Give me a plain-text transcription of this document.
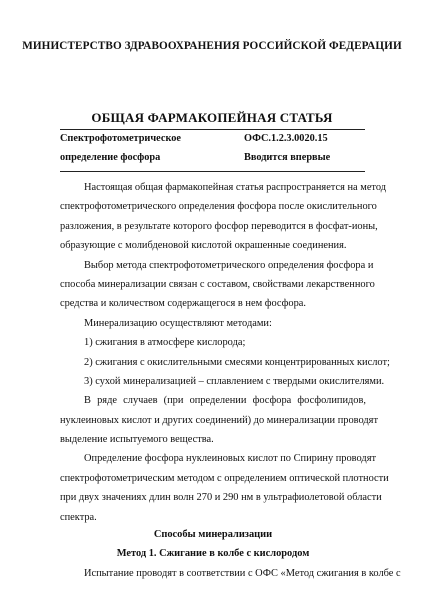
МИНИСТЕРСТВО ЗДРАВООХРАНЕНИЯ РОССИЙСКОЙ ФЕДЕРАЦИИ
ОБЩАЯ ФАРМАКОПЕЙНАЯ СТАТЬЯ
Спектрофотометрическое
определение фосфора
ОФС.1.2.3.0020.15
Вводится впервые
Настоящая общая фармакопейная статья распространяется на метод
спектрофотометрического определения фосфора после окислительного
разложения, в результате которого фосфор переводится в фосфат-ионы,
образующие с молибденовой кислотой окрашенные соединения.
Выбор метода спектрофотометрического определения фосфора и
способа минерализации связан с составом, свойствами лекарственного
средства и количеством содержащегося в нем фосфора.
Минерализацию осуществляют методами:
1) сжигания в атмосфере кислорода;
2) сжигания с окислительными смесями концентрированных кислот;
3) сухой минерализацией – сплавлением с твердыми окислителями.
В ряде случаев (при определении фосфора фосфолипидов,
нуклеиновых кислот и других соединений) до минерализации проводят
выделение испытуемого вещества.
Определение фосфора нуклеиновых кислот по Спирину проводят
спектрофотометрическим методом с определением оптической плотности
при двух значениях длин волн 270 и 290 нм в ультрафиолетовой области
спектра.
Способы минерализации
Метод 1. Сжигание в колбе с кислородом
Испытание проводят в соответствии с ОФС «Метод сжигания в колбе с
